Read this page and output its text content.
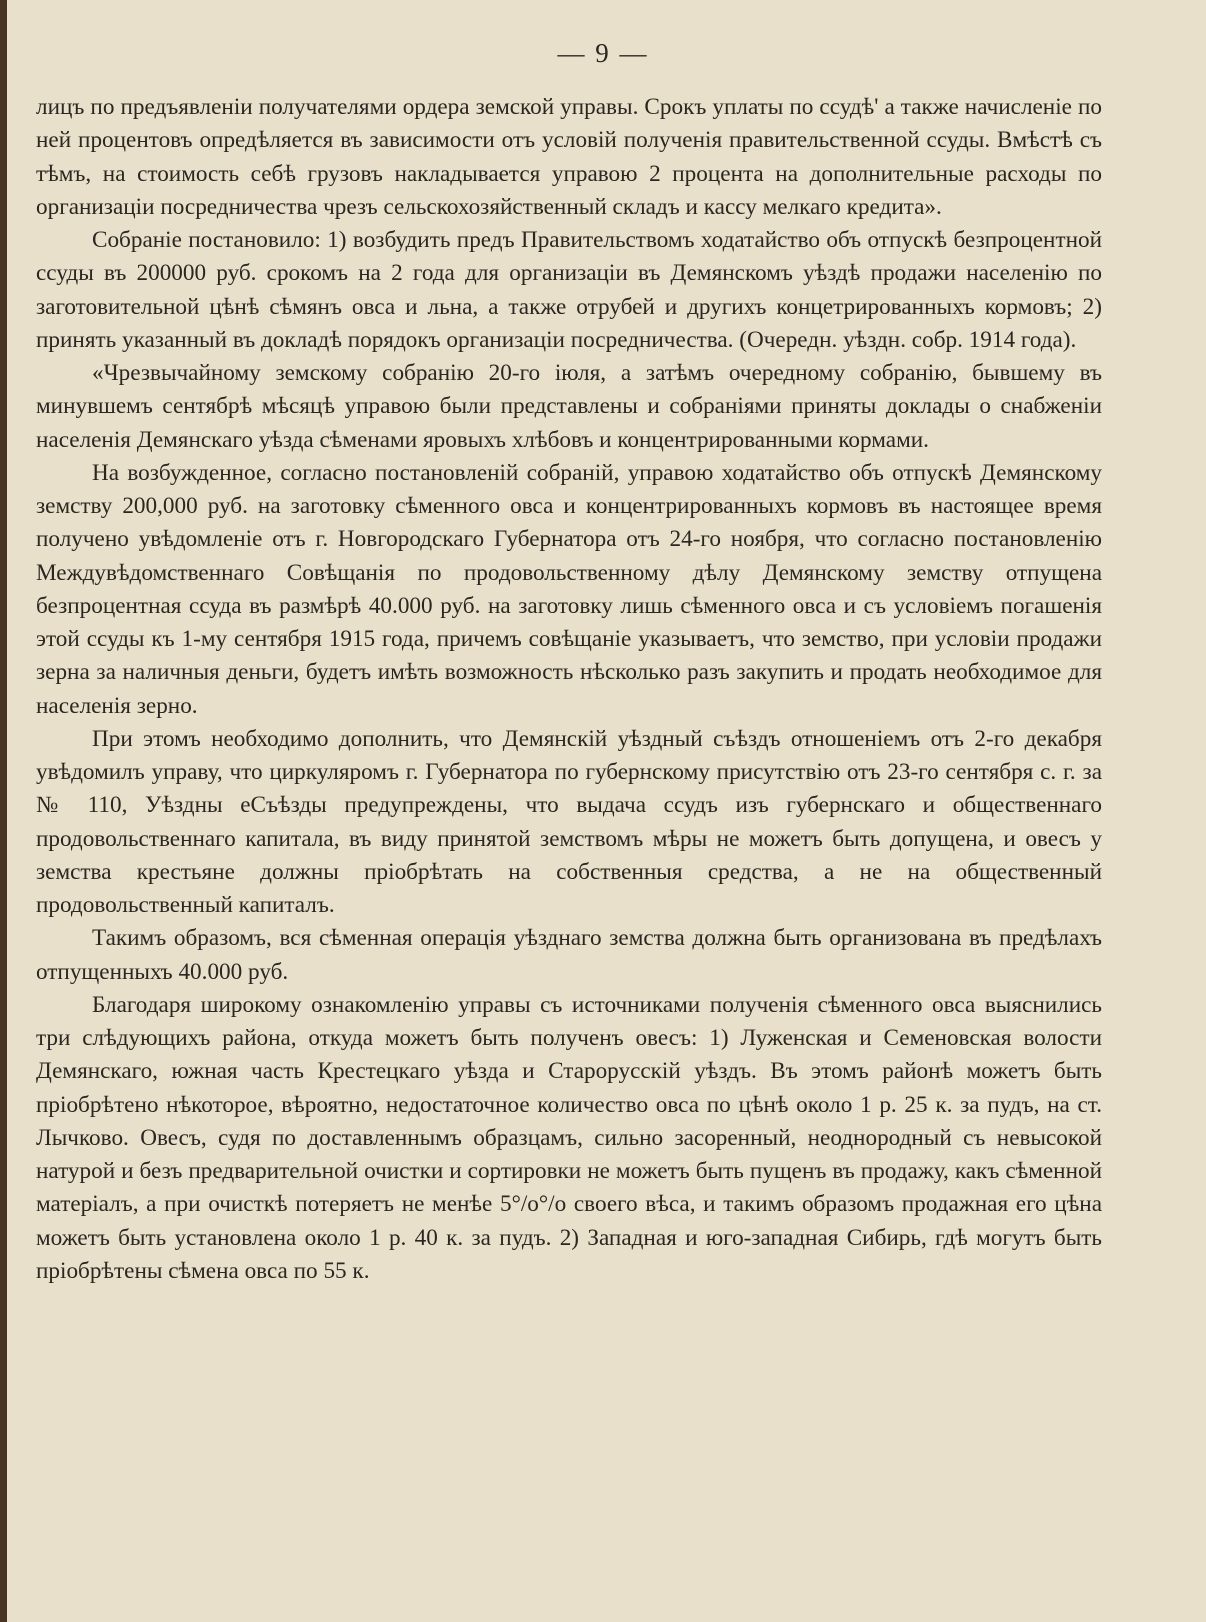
— 9 —

лицъ по предъявленіи получателями ордера земской управы. Срокъ уплаты по ссудѣ' а также начисленіе по ней процентовъ опредѣляется въ зависимости отъ условій полученія правительственной ссуды. Вмѣстѣ съ тѣмъ, на стоимость себѣ грузовъ накладывается управою 2 процента на дополнительные расходы по организаціи посредничества чрезъ сельскохозяйственный складъ и кассу мелкаго кредита».

Собраніе постановило: 1) возбудить предъ Правительствомъ ходатайство объ отпускѣ безпроцентной ссуды въ 200000 руб. срокомъ на 2 года для организаціи въ Демянскомъ уѣздѣ продажи населенію по заготовительной цѣнѣ сѣмянъ овса и льна, а также отрубей и другихъ концетрированныхъ кормовъ; 2) принять указанный въ докладѣ порядокъ организаціи посредничества. (Очередн. уѣздн. собр. 1914 года).

«Чрезвычайному земскому собранію 20-го іюля, а затѣмъ очередному собранію, бывшему въ минувшемъ сентябрѣ мѣсяцѣ управою были представлены и собраніями приняты доклады о снабженіи населенія Демянскаго уѣзда сѣменами яровыхъ хлѣбовъ и концентрированными кормами.

На возбужденное, согласно постановленій собраній, управою ходатайство объ отпускѣ Демянскому земству 200,000 руб. на заготовку сѣменного овса и концентрированныхъ кормовъ въ настоящее время получено увѣдомленіе отъ г. Новгородскаго Губернатора отъ 24-го ноября, что согласно постановленію Междувѣдомственнаго Совѣщанія по продовольственному дѣлу Демянскому земству отпущена безпроцентная ссуда въ размѣрѣ 40.000 руб. на заготовку лишь сѣменного овса и съ условіемъ погашенія этой ссуды къ 1-му сентября 1915 года, причемъ совѣщаніе указываетъ, что земство, при условіи продажи зерна за наличныя деньги, будетъ имѣть возможность нѣсколько разъ закупить и продать необходимое для населенія зерно.

При этомъ необходимо дополнить, что Демянскій уѣздный съѣздъ отношеніемъ отъ 2-го декабря увѣдомилъ управу, что циркуляромъ г. Губернатора по губернскому присутствію отъ 23-го сентября с. г. за № 110, Уѣздны еСъѣзды предупреждены, что выдача ссудъ изъ губернскаго и общественнаго продовольственнаго капитала, въ виду принятой земствомъ мѣры не можетъ быть допущена, и овесъ у земства крестьяне должны пріобрѣтать на собственныя средства, а не на общественный продовольственный капиталъ.

Такимъ образомъ, вся сѣменная операція уѣзднаго земства должна быть организована въ предѣлахъ отпущенныхъ 40.000 руб.

Благодаря широкому ознакомленію управы съ источниками полученія сѣменного овса выяснились три слѣдующихъ района, откуда можетъ быть полученъ овесъ: 1) Луженская и Семеновская волости Демянскаго, южная часть Крестецкаго уѣзда и Старорусскій уѣздъ. Въ этомъ районѣ можетъ быть пріобрѣтено нѣкоторое, вѣроятно, недостаточное количество овса по цѣнѣ около 1 р. 25 к. за пудъ, на ст. Лычково. Овесъ, судя по доставленнымъ образцамъ, сильно засоренный, неоднородный съ невысокой натурой и безъ предварительной очистки и сортировки не можетъ быть пущенъ въ продажу, какъ сѣменной матеріалъ, а при очисткѣ потеряетъ не менѣе 5°/о°/о своего вѣса, и такимъ образомъ продажная его цѣна можетъ быть установлена около 1 р. 40 к. за пудъ. 2) Западная и юго-западная Сибирь, гдѣ могутъ быть пріобрѣтены сѣмена овса по 55 к.
